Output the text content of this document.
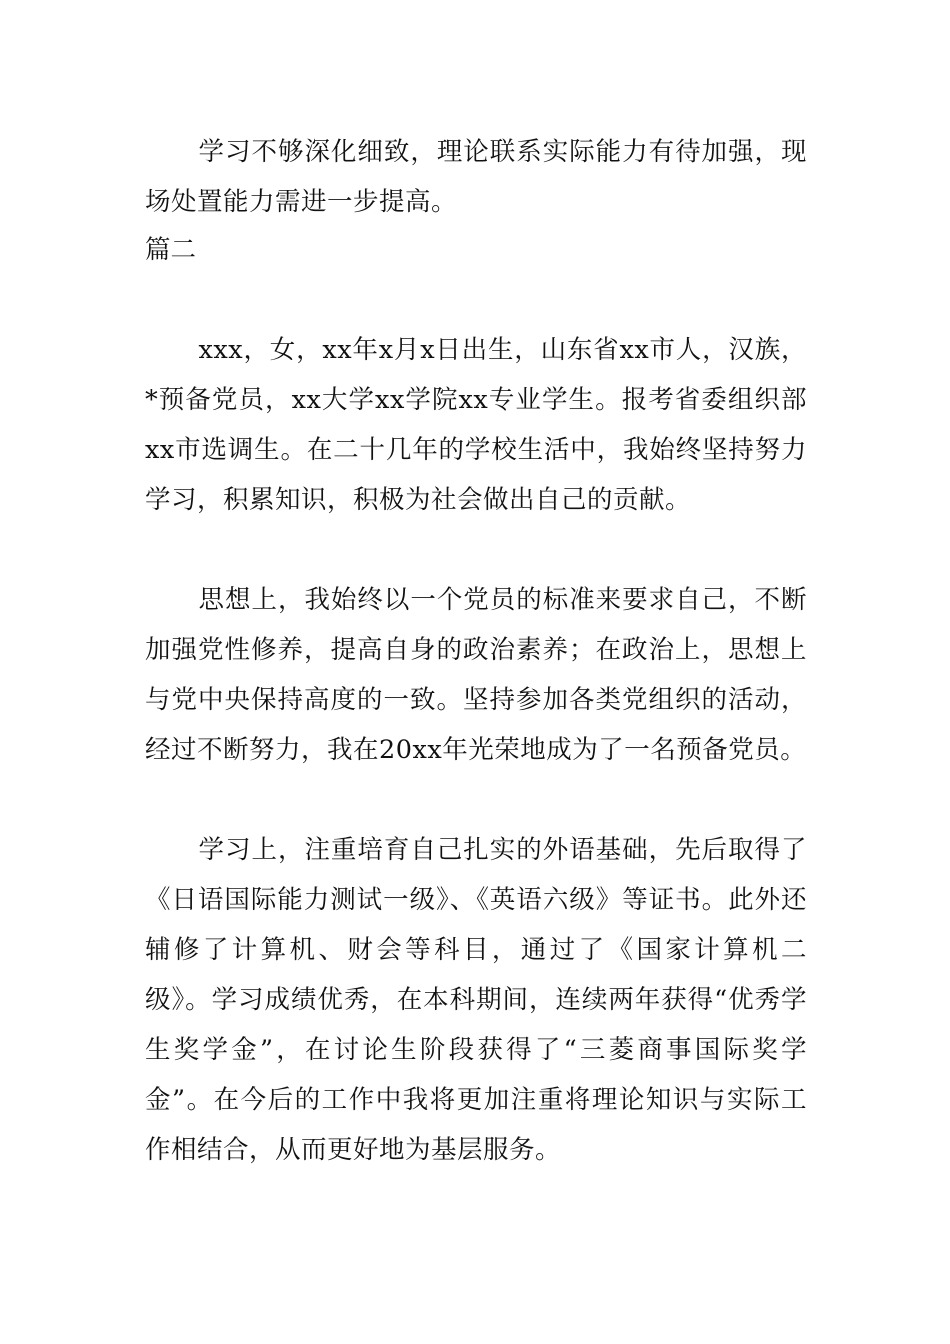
学习不够深化细致，理论联系实际能力有待加强，现场处置能力需进一步提高。

篇二

xxx，女，xx年x月x日出生，山东省xx市人，汉族，*预备党员，xx大学xx学院xx专业学生。报考省委组织部xx市选调生。在二十几年的学校生活中，我始终坚持努力学习，积累知识，积极为社会做出自己的贡献。

思想上，我始终以一个党员的标准来要求自己，不断加强党性修养，提高自身的政治素养；在政治上，思想上与党中央保持高度的一致。坚持参加各类党组织的活动，经过不断努力，我在20xx年光荣地成为了一名预备党员。

学习上，注重培育自己扎实的外语基础，先后取得了《日语国际能力测试一级》、《英语六级》等证书。此外还辅修了计算机、财会等科目，通过了《国家计算机二级》。学习成绩优秀，在本科期间，连续两年获得“优秀学生奖学金”，在讨论生阶段获得了“三菱商事国际奖学金”。在今后的工作中我将更加注重将理论知识与实际工作相结合，从而更好地为基层服务。
